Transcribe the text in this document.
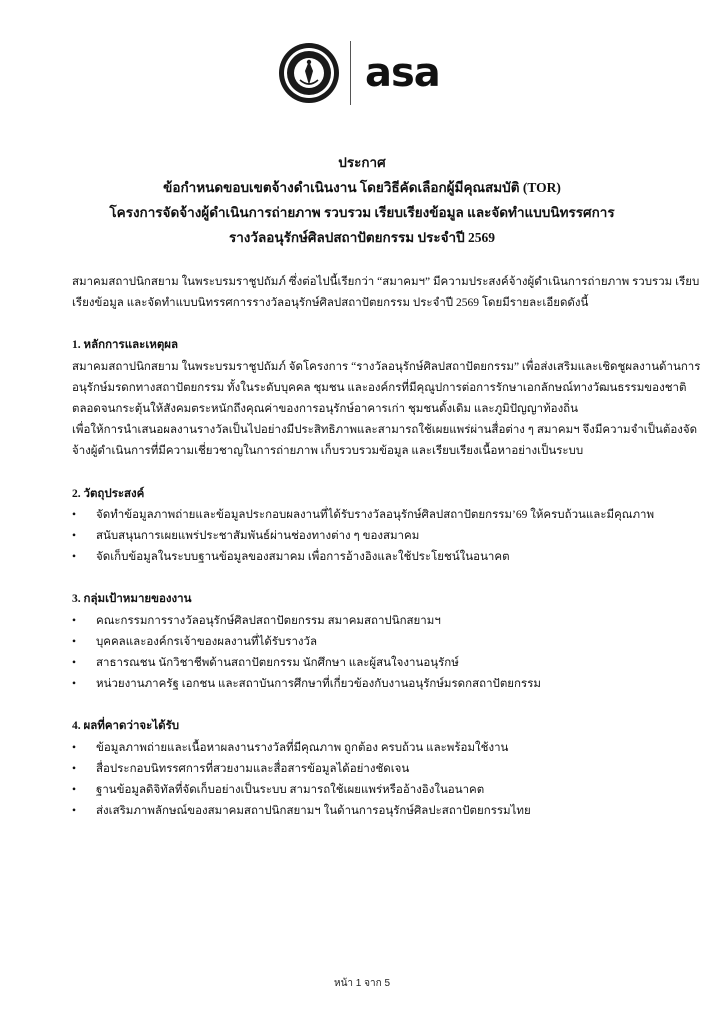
asa
ประกาศ
ข้อกำหนดขอบเขตจ้างดำเนินงาน โดยวิธีคัดเลือกผู้มีคุณสมบัติ (TOR)
โครงการจัดจ้างผู้ดำเนินการถ่ายภาพ รวบรวม เรียบเรียงข้อมูล และจัดทำแบบนิทรรศการ
รางวัลอนุรักษ์ศิลปสถาปัตยกรรม ประจำปี 2569
สมาคมสถาปนิกสยาม ในพระบรมราชูปถัมภ์ ซึ่งต่อไปนี้เรียกว่า “สมาคมฯ” มีความประสงค์จ้างผู้ดำเนินการถ่ายภาพ รวบรวม เรียบ
เรียงข้อมูล และจัดทำแบบนิทรรศการรางวัลอนุรักษ์ศิลปสถาปัตยกรรม ประจำปี 2569 โดยมีรายละเอียดดังนี้
1. หลักการและเหตุผล
สมาคมสถาปนิกสยาม ในพระบรมราชูปถัมภ์ จัดโครงการ “รางวัลอนุรักษ์ศิลปสถาปัตยกรรม” เพื่อส่งเสริมและเชิดชูผลงานด้านการ
อนุรักษ์มรดกทางสถาปัตยกรรม ทั้งในระดับบุคคล ชุมชน และองค์กรที่มีคุณูปการต่อการรักษาเอกลักษณ์ทางวัฒนธรรมของชาติ
ตลอดจนกระตุ้นให้สังคมตระหนักถึงคุณค่าของการอนุรักษ์อาคารเก่า ชุมชนดั้งเดิม และภูมิปัญญาท้องถิ่น
เพื่อให้การนำเสนอผลงานรางวัลเป็นไปอย่างมีประสิทธิภาพและสามารถใช้เผยแพร่ผ่านสื่อต่าง ๆ สมาคมฯ จึงมีความจำเป็นต้องจัด
จ้างผู้ดำเนินการที่มีความเชี่ยวชาญในการถ่ายภาพ เก็บรวบรวมข้อมูล และเรียบเรียงเนื้อหาอย่างเป็นระบบ
2. วัตถุประสงค์
•	จัดทำข้อมูลภาพถ่ายและข้อมูลประกอบผลงานที่ได้รับรางวัลอนุรักษ์ศิลปสถาปัตยกรรม’69 ให้ครบถ้วนและมีคุณภาพ
•	สนับสนุนการเผยแพร่ประชาสัมพันธ์ผ่านช่องทางต่าง ๆ ของสมาคม
•	จัดเก็บข้อมูลในระบบฐานข้อมูลของสมาคม เพื่อการอ้างอิงและใช้ประโยชน์ในอนาคต
3. กลุ่มเป้าหมายของงาน
•	คณะกรรมการรางวัลอนุรักษ์ศิลปสถาปัตยกรรม สมาคมสถาปนิกสยามฯ
•	บุคคลและองค์กรเจ้าของผลงานที่ได้รับรางวัล
•	สาธารณชน นักวิชาชีพด้านสถาปัตยกรรม นักศึกษา และผู้สนใจงานอนุรักษ์
•	หน่วยงานภาครัฐ เอกชน และสถาบันการศึกษาที่เกี่ยวข้องกับงานอนุรักษ์มรดกสถาปัตยกรรม
4. ผลที่คาดว่าจะได้รับ
•	ข้อมูลภาพถ่ายและเนื้อหาผลงานรางวัลที่มีคุณภาพ ถูกต้อง ครบถ้วน และพร้อมใช้งาน
•	สื่อประกอบนิทรรศการที่สวยงามและสื่อสารข้อมูลได้อย่างชัดเจน
•	ฐานข้อมูลดิจิทัลที่จัดเก็บอย่างเป็นระบบ สามารถใช้เผยแพร่หรืออ้างอิงในอนาคต
•	ส่งเสริมภาพลักษณ์ของสมาคมสถาปนิกสยามฯ ในด้านการอนุรักษ์ศิลปะสถาปัตยกรรมไทย
หน้า 1 จาก 5
